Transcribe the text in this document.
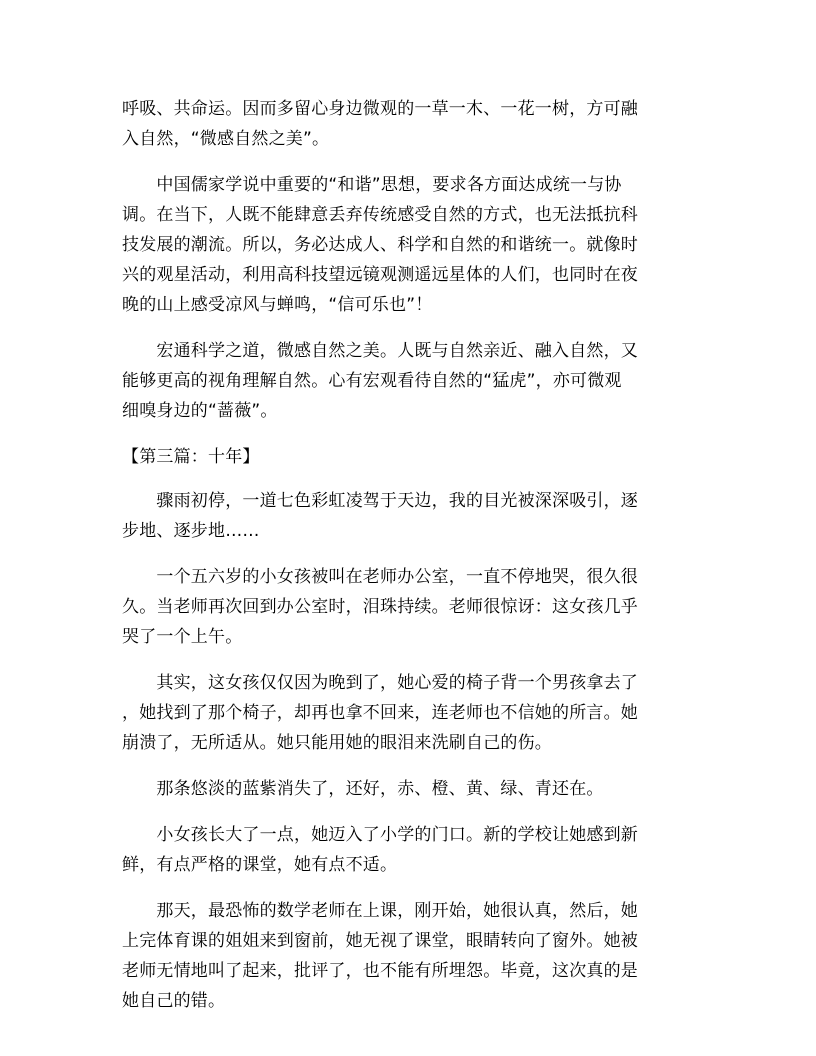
呼吸、共命运。因而多留心身边微观的一草一木、一花一树，方可融
入自然，“微感自然之美”。

　　中国儒家学说中重要的“和谐”思想，要求各方面达成统一与协
调。在当下，人既不能肆意丢弃传统感受自然的方式，也无法抵抗科
技发展的潮流。所以，务必达成人、科学和自然的和谐统一。就像时
兴的观星活动，利用高科技望远镜观测遥远星体的人们，也同时在夜
晚的山上感受凉风与蝉鸣，“信可乐也”！

　　宏通科学之道，微感自然之美。人既与自然亲近、融入自然，又
能够更高的视角理解自然。心有宏观看待自然的“猛虎”，亦可微观
细嗅身边的“蔷薇”。

【第三篇：十年】

　　骤雨初停，一道七色彩虹凌驾于天边，我的目光被深深吸引，逐
步地、逐步地……

　　一个五六岁的小女孩被叫在老师办公室，一直不停地哭，很久很
久。当老师再次回到办公室时，泪珠持续。老师很惊讶：这女孩几乎
哭了一个上午。

　　其实，这女孩仅仅因为晚到了，她心爱的椅子背一个男孩拿去了
，她找到了那个椅子，却再也拿不回来，连老师也不信她的所言。她
崩溃了，无所适从。她只能用她的眼泪来洗刷自己的伤。

　　那条悠淡的蓝紫消失了，还好，赤、橙、黄、绿、青还在。

　　小女孩长大了一点，她迈入了小学的门口。新的学校让她感到新
鲜，有点严格的课堂，她有点不适。

　　那天，最恐怖的数学老师在上课，刚开始，她很认真，然后，她
上完体育课的姐姐来到窗前，她无视了课堂，眼睛转向了窗外。她被
老师无情地叫了起来，批评了，也不能有所埋怨。毕竟，这次真的是
她自己的错。
